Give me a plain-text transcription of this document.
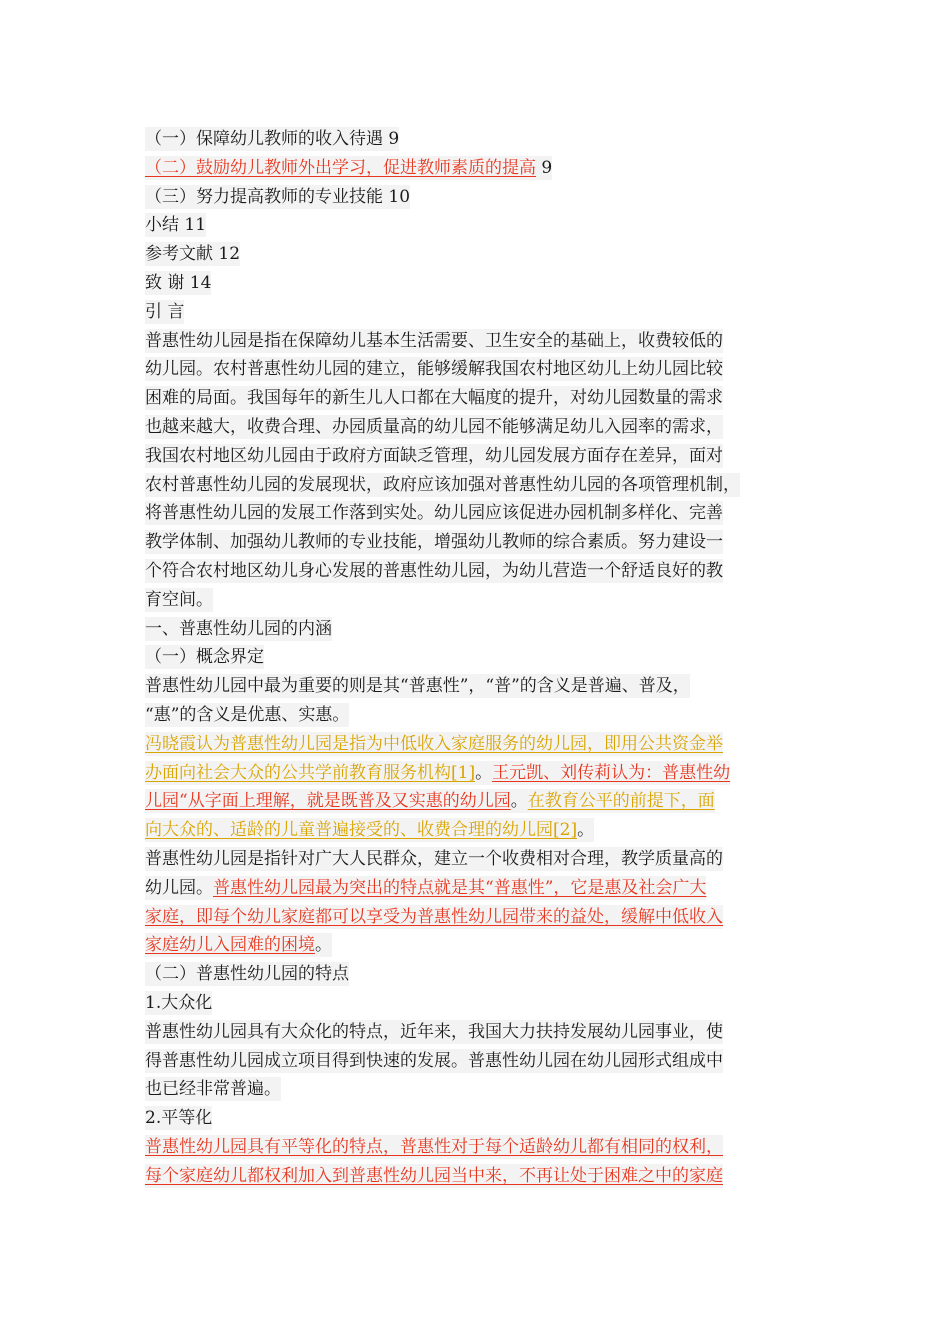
（一）保障幼儿教师的收入待遇 9
（二）鼓励幼儿教师外出学习，促进教师素质的提高 9
（三）努力提高教师的专业技能 10
小结 11
参考文献 12
致 谢 14
引 言
普惠性幼儿园是指在保障幼儿基本生活需要、卫生安全的基础上，收费较低的
幼儿园。农村普惠性幼儿园的建立，能够缓解我国农村地区幼儿上幼儿园比较
困难的局面。我国每年的新生儿人口都在大幅度的提升，对幼儿园数量的需求
也越来越大，收费合理、办园质量高的幼儿园不能够满足幼儿入园率的需求，
我国农村地区幼儿园由于政府方面缺乏管理，幼儿园发展方面存在差异，面对
农村普惠性幼儿园的发展现状，政府应该加强对普惠性幼儿园的各项管理机制，
将普惠性幼儿园的发展工作落到实处。幼儿园应该促进办园机制多样化、完善
教学体制、加强幼儿教师的专业技能，增强幼儿教师的综合素质。努力建设一
个符合农村地区幼儿身心发展的普惠性幼儿园，为幼儿营造一个舒适良好的教
育空间。
一、普惠性幼儿园的内涵
（一）概念界定
普惠性幼儿园中最为重要的则是其“普惠性”，“普”的含义是普遍、普及，
“惠”的含义是优惠、实惠。
冯晓霞认为普惠性幼儿园是指为中低收入家庭服务的幼儿园，即用公共资金举
办面向社会大众的公共学前教育服务机构[1]。王元凯、刘传莉认为：普惠性幼
儿园“从字面上理解，就是既普及又实惠的幼儿园。在教育公平的前提下，面
向大众的、适龄的儿童普遍接受的、收费合理的幼儿园[2]。
普惠性幼儿园是指针对广大人民群众，建立一个收费相对合理，教学质量高的
幼儿园。普惠性幼儿园最为突出的特点就是其“普惠性”，它是惠及社会广大
家庭，即每个幼儿家庭都可以享受为普惠性幼儿园带来的益处，缓解中低收入
家庭幼儿入园难的困境。
（二）普惠性幼儿园的特点
1.大众化
普惠性幼儿园具有大众化的特点，近年来，我国大力扶持发展幼儿园事业，使
得普惠性幼儿园成立项目得到快速的发展。普惠性幼儿园在幼儿园形式组成中
也已经非常普遍。
2.平等化
普惠性幼儿园具有平等化的特点，普惠性对于每个适龄幼儿都有相同的权利，
每个家庭幼儿都权利加入到普惠性幼儿园当中来，不再让处于困难之中的家庭
